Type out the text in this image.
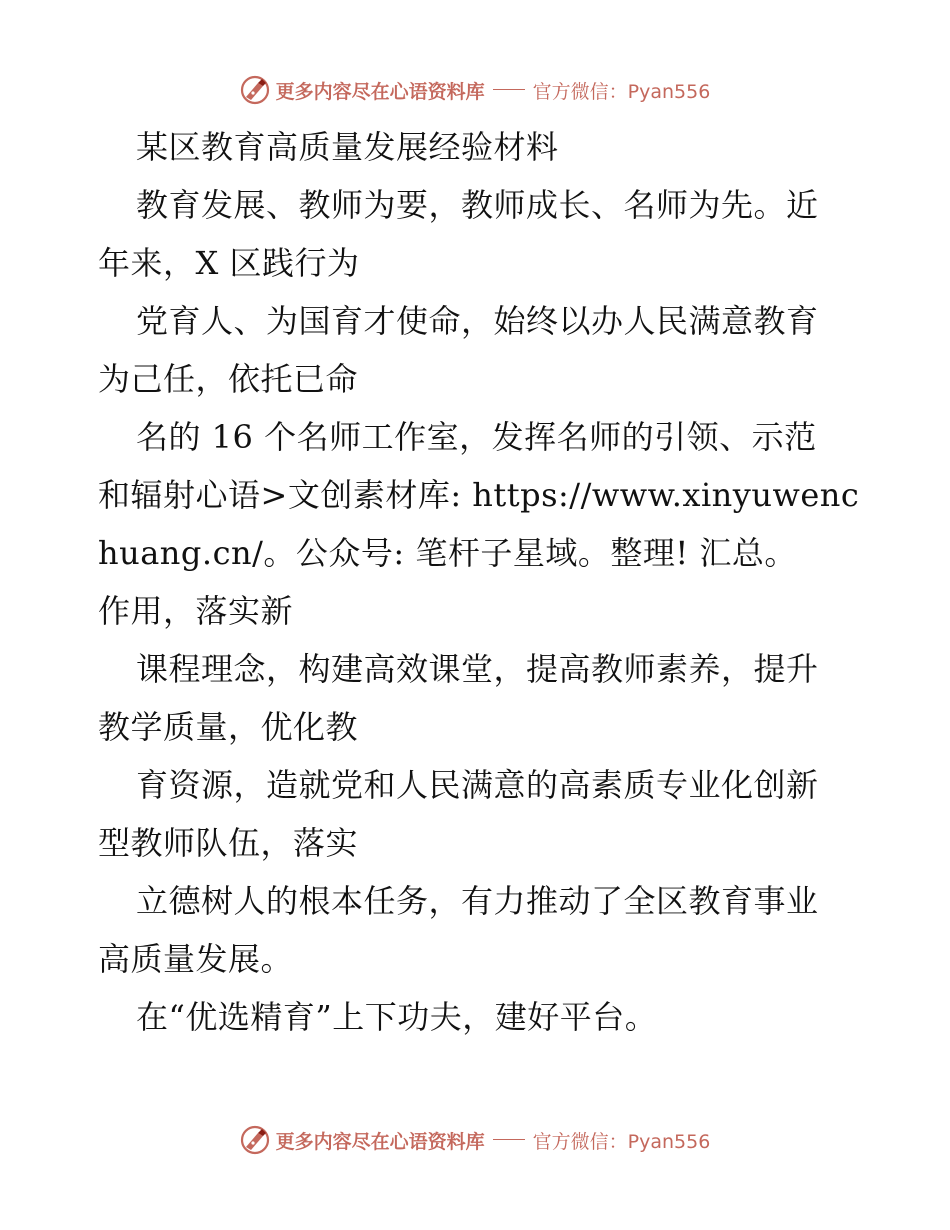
更多内容尽在心语资料库	官方微信：Pyan556
某区教育高质量发展经验材料
教育发展、教师为要，教师成长、名师为先。近
年来，X 区践行为
党育人、为国育才使命，始终以办人民满意教育
为己任，依托已命
名的 16 个名师工作室，发挥名师的引领、示范
和辐射心语>文创素材库: https://www.xinyuwenc
huang.cn/。公众号: 笔杆子星域。整理! 汇总。
作用，落实新
课程理念，构建高效课堂，提高教师素养，提升
教学质量，优化教
育资源，造就党和人民满意的高素质专业化创新
型教师队伍，落实
立德树人的根本任务，有力推动了全区教育事业
高质量发展。
在“优选精育”上下功夫，建好平台。
更多内容尽在心语资料库	官方微信：Pyan556
